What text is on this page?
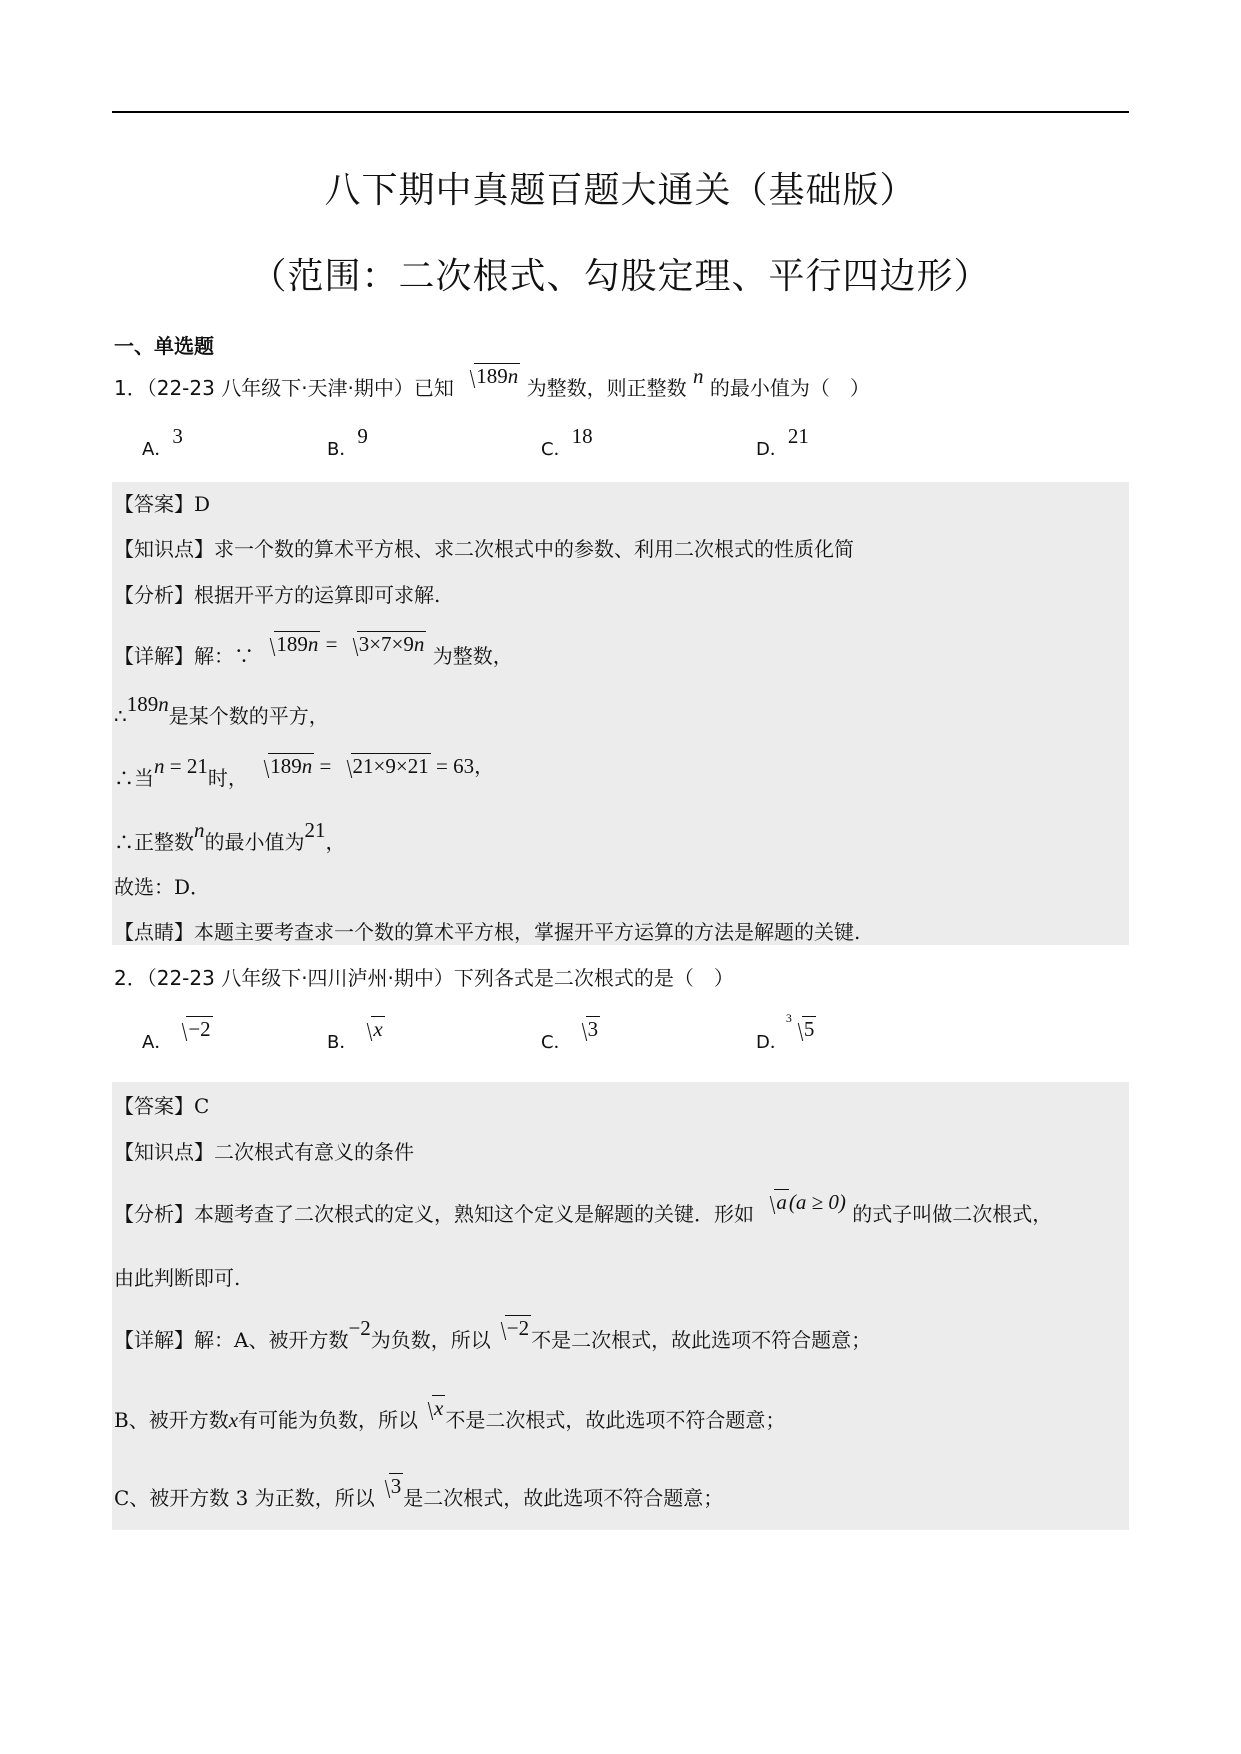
八下期中真题百题大通关（基础版）
（范围：二次根式、勾股定理、平行四边形）
一、单选题
1．（22-23 八年级下·天津·期中）已知 189n 为整数，则正整数 n 的最小值为（　）
A．3
B．9
C．18
D．21
【答案】D
【知识点】求一个数的算术平方根、求二次根式中的参数、利用二次根式的性质化简
【分析】根据开平方的运算即可求解.
【详解】解：∵ 189n = 3×7×9n 为整数，
∴189n是某个数的平方，
∴当n = 21时， 189n = 21×9×21 = 63，
∴正整数n的最小值为21，
故选：D．
【点睛】本题主要考查求一个数的算术平方根，掌握开平方运算的方法是解题的关键.
2．（22-23 八年级下·四川泸州·期中）下列各式是二次根式的是（　）
A．−2
B．x
C．3
D．
3 5
【答案】C
【知识点】二次根式有意义的条件
【分析】本题考查了二次根式的定义，熟知这个定义是解题的关键．形如 a(a ≥ 0) 的式子叫做二次根式，
由此判断即可.
【详解】解：A、被开方数−2为负数，所以 −2 不是二次根式，故此选项不符合题意；
B、被开方数x有可能为负数，所以 x 不是二次根式，故此选项不符合题意；
C、被开方数 3 为正数，所以 3 是二次根式，故此选项不符合题意；
